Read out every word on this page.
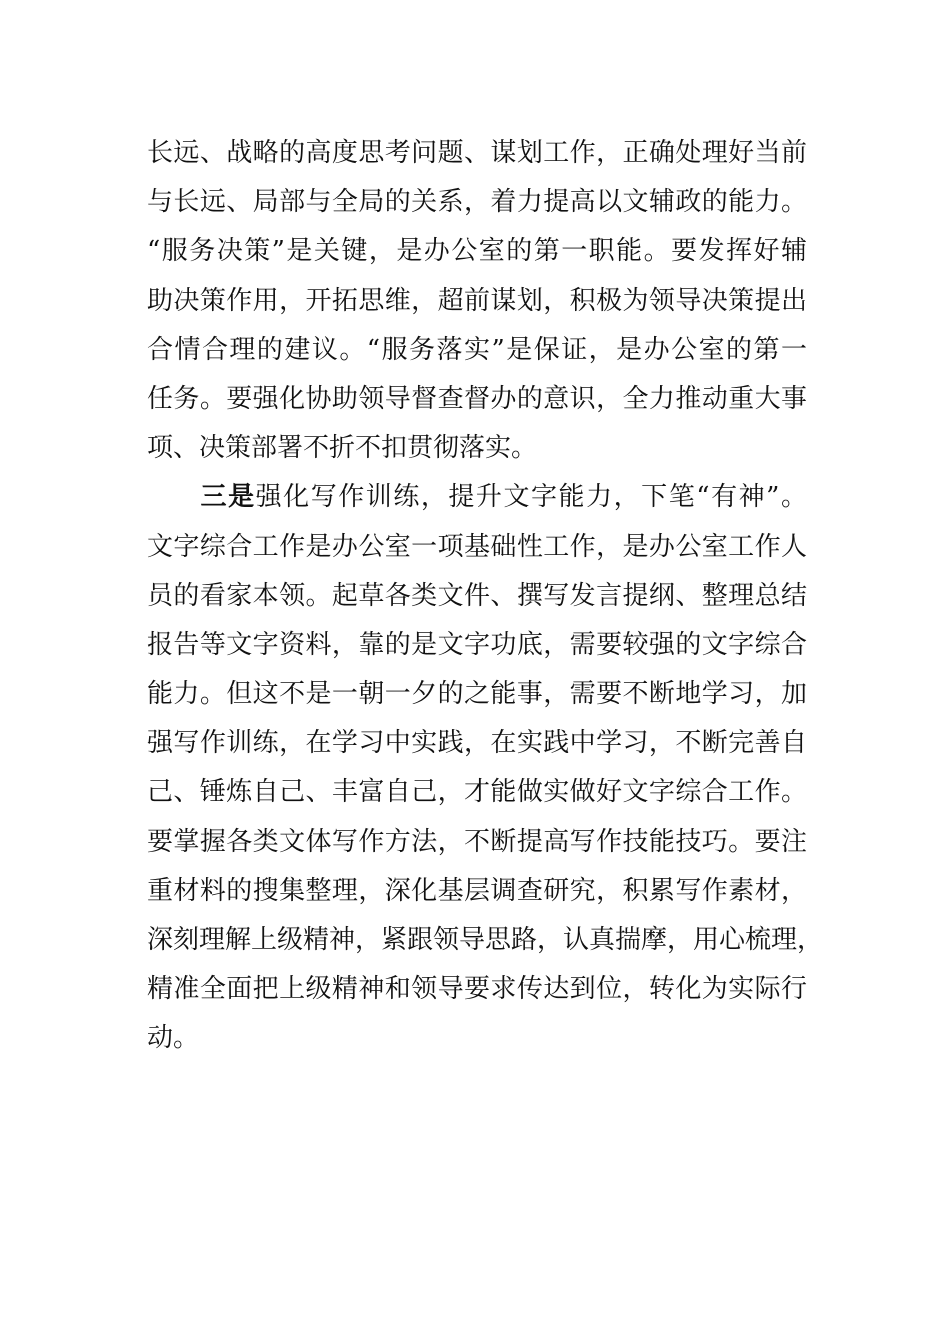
长远、战略的高度思考问题、谋划工作，正确处理好当前
与长远、局部与全局的关系，着力提高以文辅政的能力。
“服务决策”是关键，是办公室的第一职能。要发挥好辅
助决策作用，开拓思维，超前谋划，积极为领导决策提出
合情合理的建议。“服务落实”是保证，是办公室的第一
任务。要强化协助领导督查督办的意识，全力推动重大事
项、决策部署不折不扣贯彻落实。
三是强化写作训练，提升文字能力，下笔“有神”。
文字综合工作是办公室一项基础性工作，是办公室工作人
员的看家本领。起草各类文件、撰写发言提纲、整理总结
报告等文字资料，靠的是文字功底，需要较强的文字综合
能力。但这不是一朝一夕的之能事，需要不断地学习，加
强写作训练，在学习中实践，在实践中学习，不断完善自
己、锤炼自己、丰富自己，才能做实做好文字综合工作。
要掌握各类文体写作方法，不断提高写作技能技巧。要注
重材料的搜集整理，深化基层调查研究，积累写作素材，
深刻理解上级精神，紧跟领导思路，认真揣摩，用心梳理，
精准全面把上级精神和领导要求传达到位，转化为实际行
动。
